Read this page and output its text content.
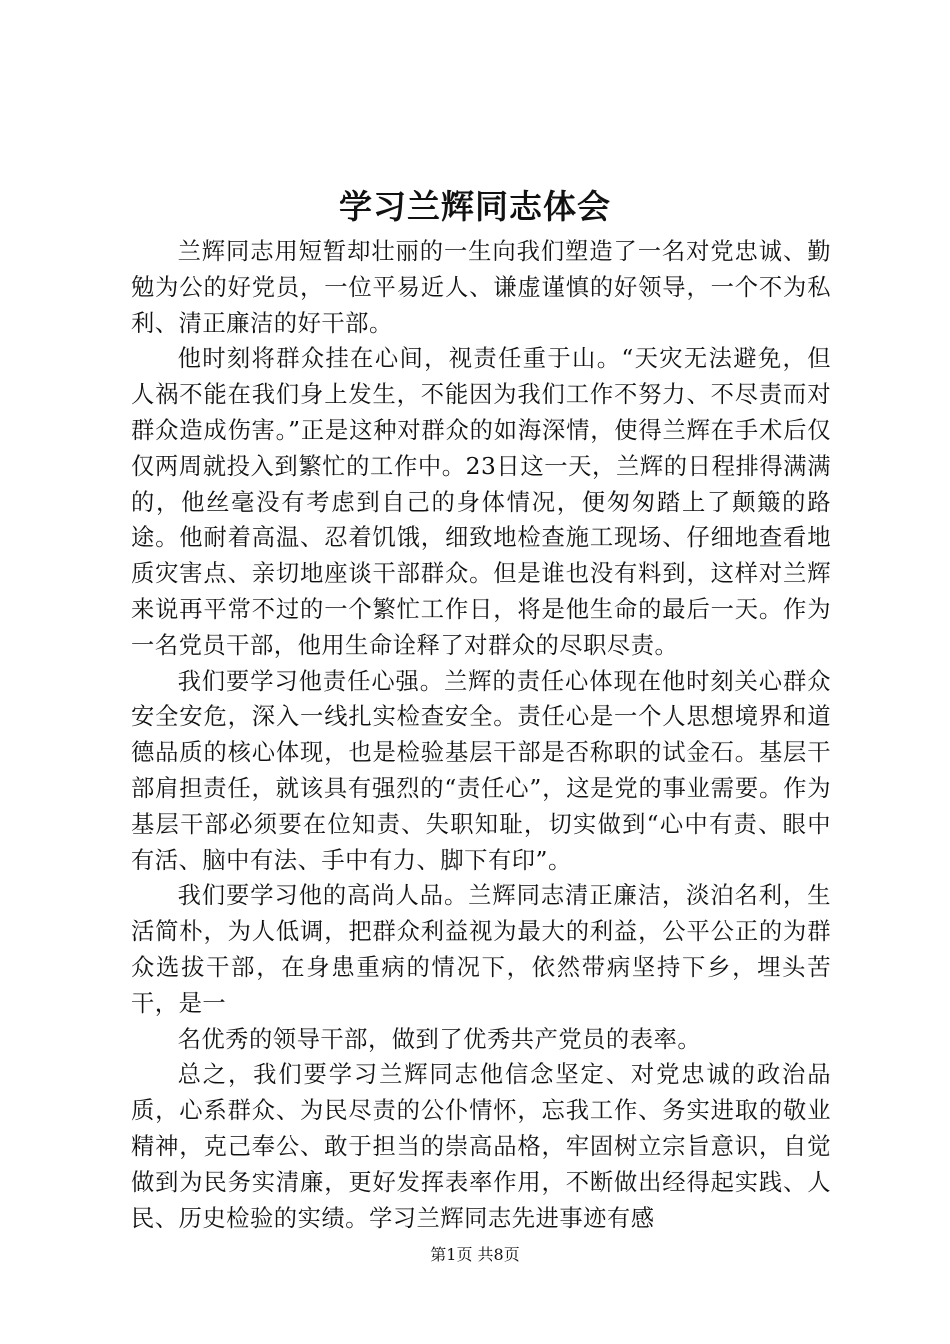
学习兰辉同志体会

兰辉同志用短暂却壮丽的一生向我们塑造了一名对党忠诚、勤勉为公的好党员，一位平易近人、谦虚谨慎的好领导，一个不为私利、清正廉洁的好干部。

他时刻将群众挂在心间，视责任重于山。“天灾无法避免，但人祸不能在我们身上发生，不能因为我们工作不努力、不尽责而对群众造成伤害。”正是这种对群众的如海深情，使得兰辉在手术后仅仅两周就投入到繁忙的工作中。23日这一天，兰辉的日程排得满满的，他丝毫没有考虑到自己的身体情况，便匆匆踏上了颠簸的路途。他耐着高温、忍着饥饿，细致地检查施工现场、仔细地查看地质灾害点、亲切地座谈干部群众。但是谁也没有料到，这样对兰辉来说再平常不过的一个繁忙工作日，将是他生命的最后一天。作为一名党员干部，他用生命诠释了对群众的尽职尽责。

我们要学习他责任心强。兰辉的责任心体现在他时刻关心群众安全安危，深入一线扎实检查安全。责任心是一个人思想境界和道德品质的核心体现，也是检验基层干部是否称职的试金石。基层干部肩担责任，就该具有强烈的“责任心”，这是党的事业需要。作为基层干部必须要在位知责、失职知耻，切实做到“心中有责、眼中有活、脑中有法、手中有力、脚下有印”。

我们要学习他的高尚人品。兰辉同志清正廉洁，淡泊名利，生活简朴，为人低调，把群众利益视为最大的利益，公平公正的为群众选拔干部，在身患重病的情况下，依然带病坚持下乡，埋头苦干，是一

名优秀的领导干部，做到了优秀共产党员的表率。

总之，我们要学习兰辉同志他信念坚定、对党忠诚的政治品质，心系群众、为民尽责的公仆情怀，忘我工作、务实进取的敬业精神，克己奉公、敢于担当的崇高品格，牢固树立宗旨意识，自觉做到为民务实清廉，更好发挥表率作用，不断做出经得起实践、人民、历史检验的实绩。学习兰辉同志先进事迹有感

第1页 共8页
